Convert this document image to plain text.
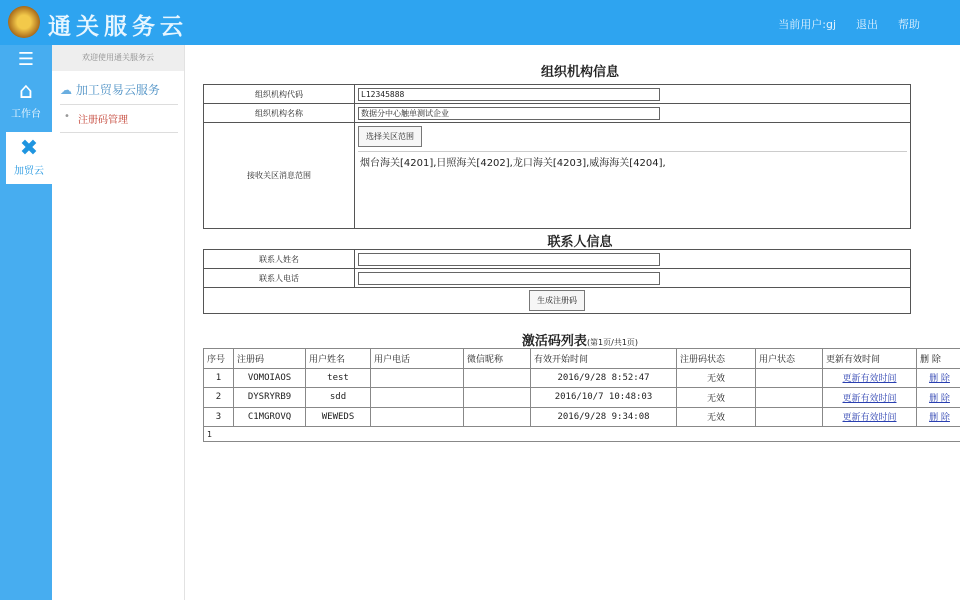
通关服务云	当前用户:gj 退出 帮助
☰
⌂
工作台
✖
加贸云
欢迎使用通关服务云
☁ 加工贸易云服务
• 注册码管理
组织机构信息
组织机构代码	L12345888

组织机构名称	数据分中心触单测试企业

接收关区消息范围	选择关区范围
烟台海关[4201],日照海关[4202],龙口海关[4203],威海海关[4204],
联系人信息
联系人姓名	

联系人电话	

生成注册码	
激活码列表(第1页/共1页)
序号	注册码	用户姓名	用户电话	微信昵称	有效开始时间	注册码状态	用户状态	更新有效时间	删 除
1	VOMOIAOS	test			2016/9/28 8:52:47	无效		更新有效时间	删 除
2	DYSRYRB9	sdd			2016/10/7 10:48:03	无效		更新有效时间	删 除
3	C1MGROVQ	WEWEDS			2016/9/28 9:34:08	无效		更新有效时间	删 除
1									
